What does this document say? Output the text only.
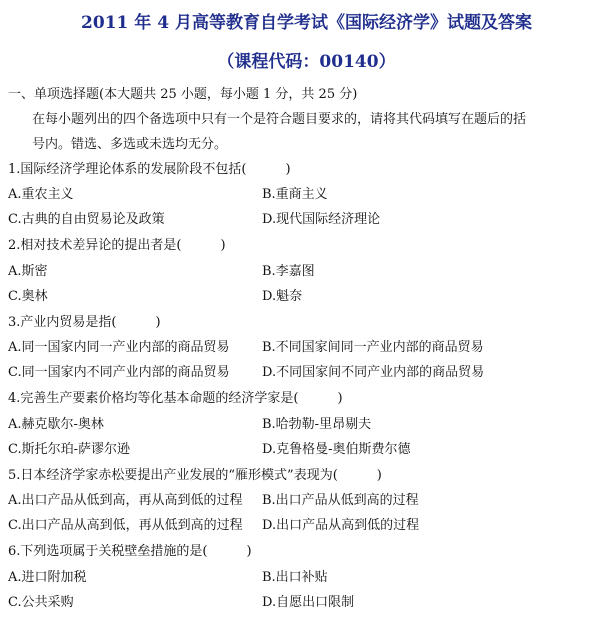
2011 年 4 月高等教育自学考试《国际经济学》试题及答案
（课程代码：00140）
一、单项选择题(本大题共 25 小题，每小题 1 分，共 25 分)
在每小题列出的四个备选项中只有一个是符合题目要求的，请将其代码填写在题后的括
号内。错选、多选或未选均无分。
1.国际经济学理论体系的发展阶段不包括(　　　)
A.重农主义	B.重商主义
C.古典的自由贸易论及政策	D.现代国际经济理论
2.相对技术差异论的提出者是(　　　)
A.斯密	B.李嘉图
C.奥林	D.魁奈
3.产业内贸易是指(　　　)
A.同一国家内同一产业内部的商品贸易 B.不同国家间同一产业内部的商品贸易
C.同一国家内不同产业内部的商品贸易 D.不同国家间不同产业内部的商品贸易
4.完善生产要素价格均等化基本命题的经济学家是(　　　)
A.赫克歇尔-奥林	B.哈勃勒-里昂剔夫
C.斯托尔珀-萨谬尔逊	D.克鲁格曼-奥伯斯费尔德
5.日本经济学家赤松要提出产业发展的“雁形模式”表现为(　　　)
A.出口产品从低到高，再从高到低的过程 B.出口产品从低到高的过程
C.出口产品从高到低，再从低到高的过程 D.出口产品从高到低的过程
6.下列选项属于关税壁垒措施的是(　　　)
A.进口附加税	B.出口补贴
C.公共采购	D.自愿出口限制
